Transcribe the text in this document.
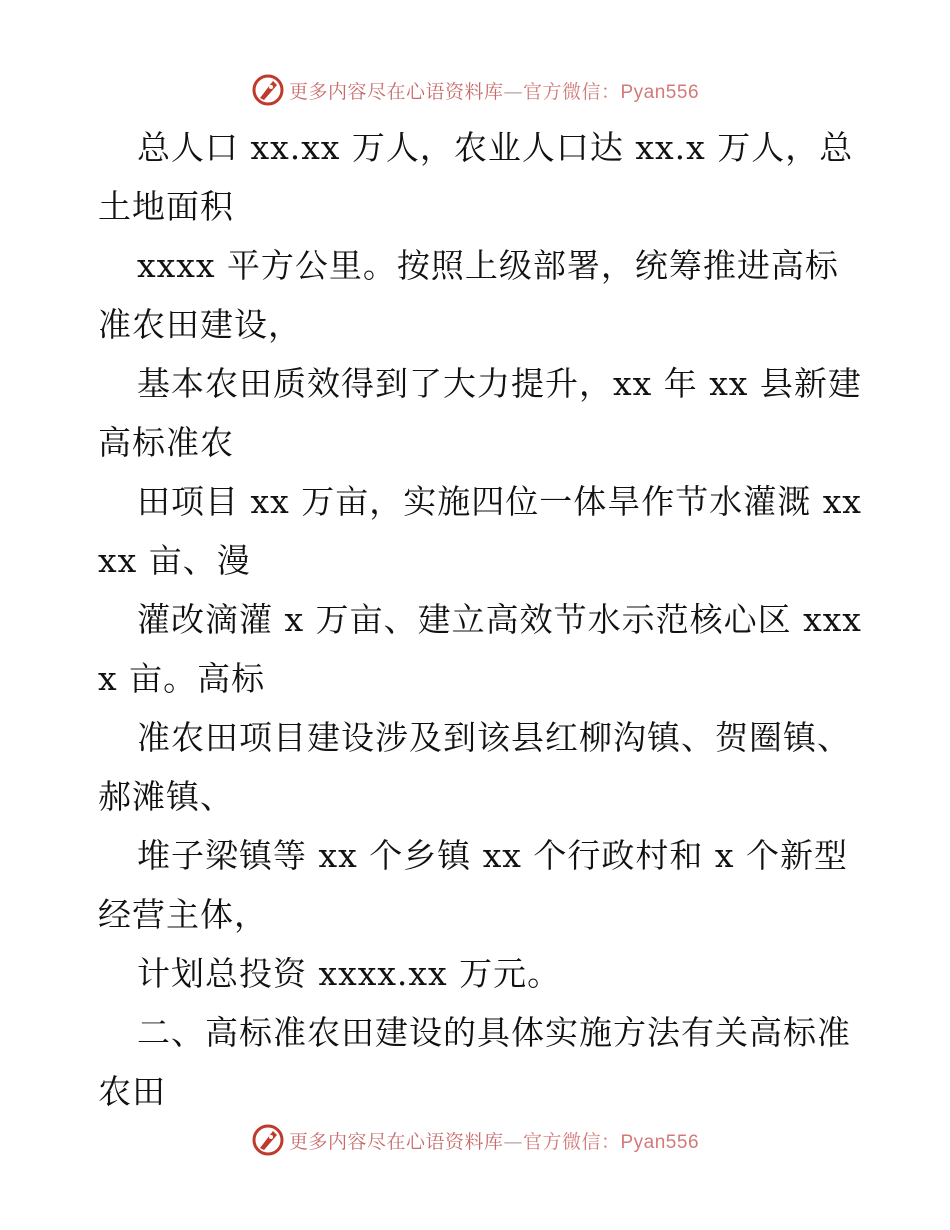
更多内容尽在心语资料库—官方微信：Pyan556

总人口 xx.xx 万人，农业人口达 xx.x 万人，总土地面积

xxxx 平方公里。按照上级部署，统筹推进高标准农田建设，

基本农田质效得到了大力提升，xx 年 xx 县新建高标准农

田项目 xx 万亩，实施四位一体旱作节水灌溉 xxxx 亩、漫

灌改滴灌 x 万亩、建立高效节水示范核心区 xxxx 亩。高标

准农田项目建设涉及到该县红柳沟镇、贺圈镇、郝滩镇、

堆子梁镇等 xx 个乡镇 xx 个行政村和 x 个新型经营主体，

计划总投资 xxxx.xx 万元。

二、高标准农田建设的具体实施方法有关高标准农田

更多内容尽在心语资料库—官方微信：Pyan556
